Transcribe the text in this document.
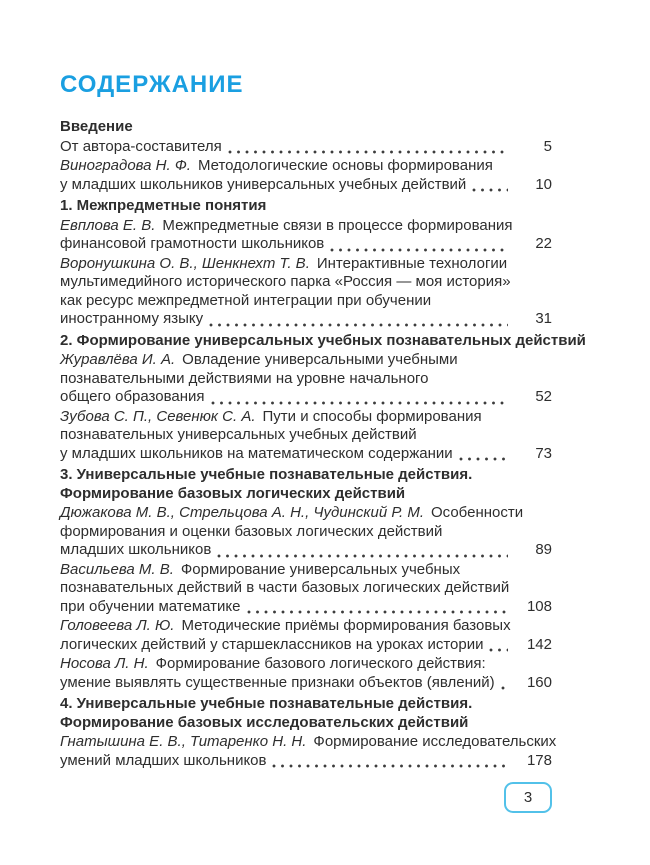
СОДЕРЖАНИЕ
Введение
От автора-составителя	5
Виноградова Н. Ф. Методологические основы формирования
у младших школьников универсальных учебных действий	10
1. Межпредметные понятия
Евплова Е. В. Межпредметные связи в процессе формирования
финансовой грамотности школьников	22
Воронушкина О. В., Шенкнехт Т. В. Интерактивные технологии
мультимедийного исторического парка «Россия — моя история»
как ресурс межпредметной интеграции при обучении
иностранному языку	31
2. Формирование универсальных учебных познавательных действий
Журавлёва И. А. Овладение универсальными учебными
познавательными действиями на уровне начального
общего образования	52
Зубова С. П., Севенюк С. А. Пути и способы формирования
познавательных универсальных учебных действий
у младших школьников на математическом содержании	73
3. Универсальные учебные познавательные действия.
Формирование базовых логических действий
Дюжакова М. В., Стрельцова А. Н., Чудинский Р. М. Особенности
формирования и оценки базовых логических действий
младших школьников	89
Васильева М. В. Формирование универсальных учебных
познавательных действий в части базовых логических действий
при обучении математике	108
Головеева Л. Ю. Методические приёмы формирования базовых
логических действий у старшеклассников на уроках истории	142
Носова Л. Н. Формирование базового логического действия:
умение выявлять существенные признаки объектов (явлений)	160
4. Универсальные учебные познавательные действия.
Формирование базовых исследовательских действий
Гнатышина Е. В., Титаренко Н. Н. Формирование исследовательских
умений младших школьников	178
3
